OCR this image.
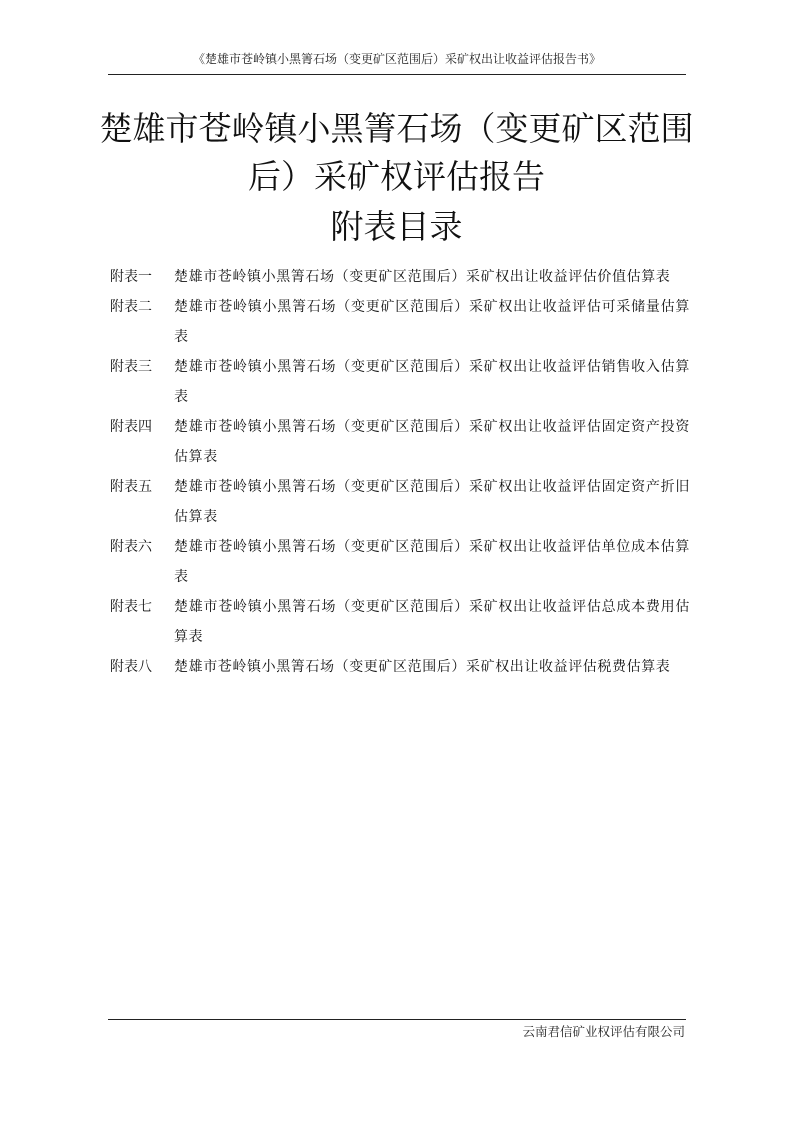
《楚雄市苍岭镇小黑箐石场（变更矿区范围后）采矿权出让收益评估报告书》
楚雄市苍岭镇小黑箐石场（变更矿区范围
后）采矿权评估报告
附表目录
附表一	楚雄市苍岭镇小黑箐石场（变更矿区范围后）采矿权出让收益评估价值估算表
附表二	楚雄市苍岭镇小黑箐石场（变更矿区范围后）采矿权出让收益评估可采储量估算表
附表三	楚雄市苍岭镇小黑箐石场（变更矿区范围后）采矿权出让收益评估销售收入估算表
附表四	楚雄市苍岭镇小黑箐石场（变更矿区范围后）采矿权出让收益评估固定资产投资估算表
附表五	楚雄市苍岭镇小黑箐石场（变更矿区范围后）采矿权出让收益评估固定资产折旧估算表
附表六	楚雄市苍岭镇小黑箐石场（变更矿区范围后）采矿权出让收益评估单位成本估算表
附表七	楚雄市苍岭镇小黑箐石场（变更矿区范围后）采矿权出让收益评估总成本费用估算表
附表八	楚雄市苍岭镇小黑箐石场（变更矿区范围后）采矿权出让收益评估税费估算表
云南君信矿业权评估有限公司
